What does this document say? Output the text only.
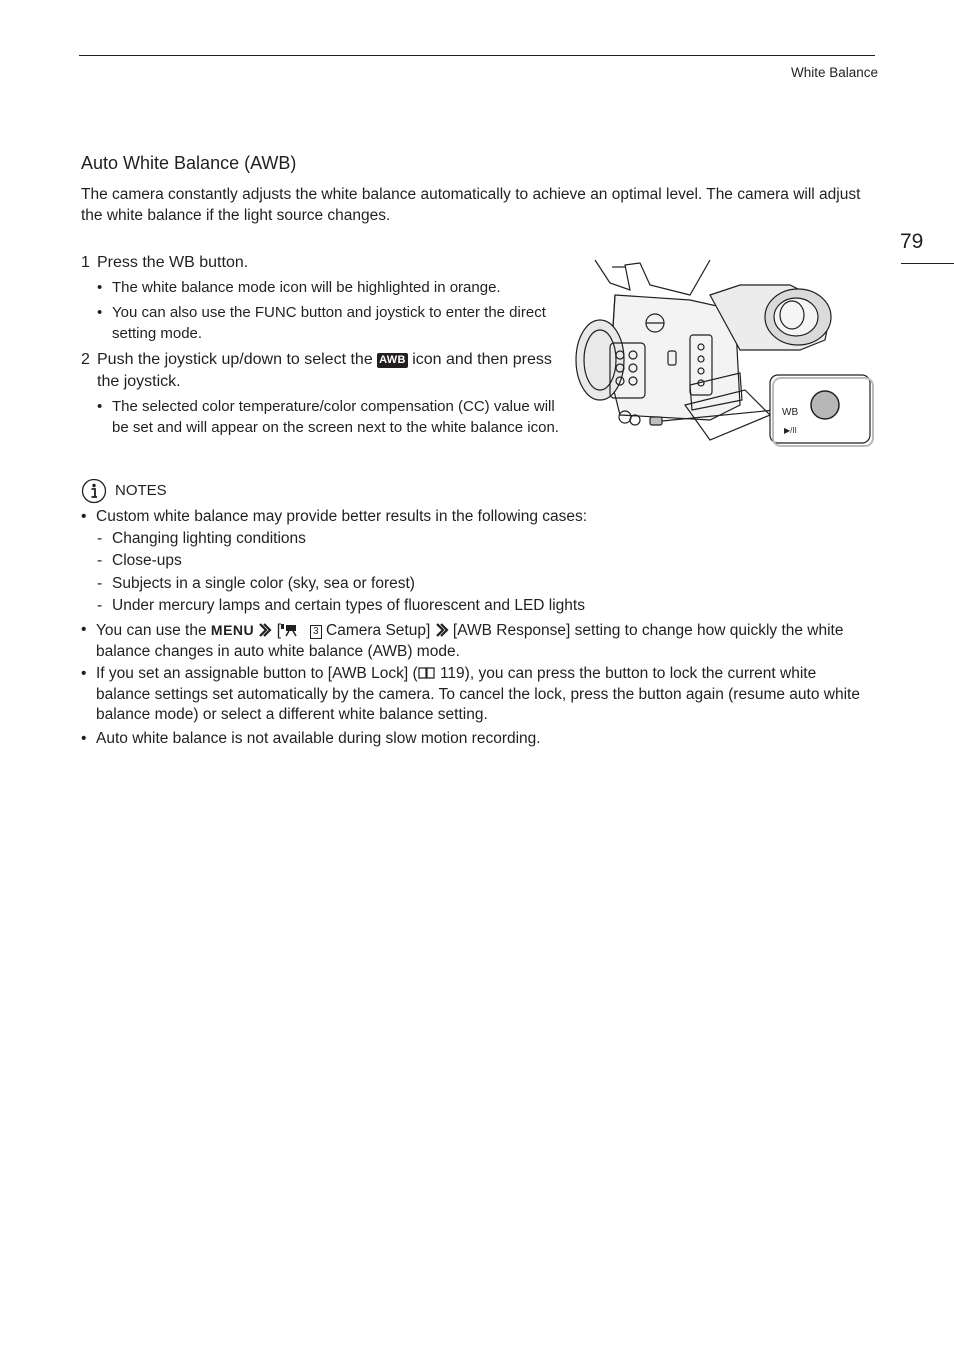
White Balance
79
Auto White Balance (AWB)
The camera constantly adjusts the white balance automatically to achieve an optimal level. The camera will adjust the white balance if the light source changes.
1 Press the WB button.
• The white balance mode icon will be highlighted in orange.
• You can also use the FUNC button and joystick to enter the direct setting mode.
2 Push the joystick up/down to select the AWB icon and then press the joystick.
• The selected color temperature/color compensation (CC) value will be set and will appear on the screen next to the white balance icon.
WB
▶/II
NOTES
• Custom white balance may provide better results in the following cases:
- Changing lighting conditions
- Close-ups
- Subjects in a single color (sky, sea or forest)
- Under mercury lamps and certain types of fluorescent and LED lights
• You can use the MENU [	3 Camera Setup] [AWB Response] setting to change how quickly the white balance changes in auto white balance (AWB) mode.
• If you set an assignable button to [AWB Lock] ( 119), you can press the button to lock the current white balance settings set automatically by the camera. To cancel the lock, press the button again (resume auto white balance mode) or select a different white balance setting.
• Auto white balance is not available during slow motion recording.
